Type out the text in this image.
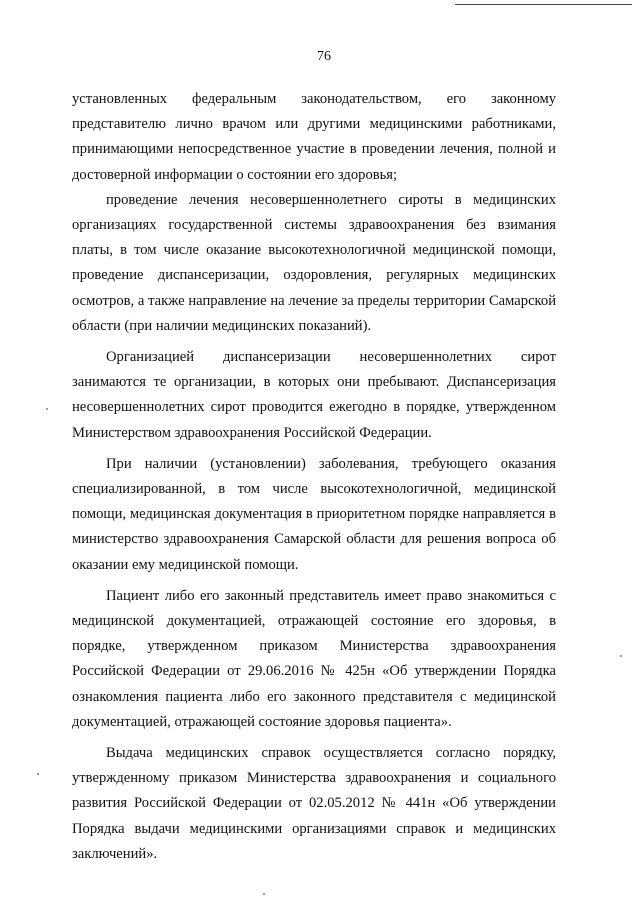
76

установленных федеральным законодательством, его законному представителю лично врачом или другими медицинскими работниками, принимающими непосредственное участие в проведении лечения, полной и достоверной информации о состоянии его здоровья;

проведение лечения несовершеннолетнего сироты в медицинских организациях государственной системы здравоохранения без взимания платы, в том числе оказание высокотехнологичной медицинской помощи, проведение диспансеризации, оздоровления, регулярных медицинских осмотров, а также направление на лечение за пределы территории Самарской области (при наличии медицинских показаний).

Организацией диспансеризации несовершеннолетних сирот занимаются те организации, в которых они пребывают. Диспансеризация несовершеннолетних сирот проводится ежегодно в порядке, утвержденном Министерством здравоохранения Российской Федерации.

При наличии (установлении) заболевания, требующего оказания специализированной, в том числе высокотехнологичной, медицинской помощи, медицинская документация в приоритетном порядке направляется в министерство здравоохранения Самарской области для решения вопроса об оказании ему медицинской помощи.

Пациент либо его законный представитель имеет право знакомиться с медицинской документацией, отражающей состояние его здоровья, в порядке, утвержденном приказом Министерства здравоохранения Российской Федерации от 29.06.2016 № 425н «Об утверждении Порядка ознакомления пациента либо его законного представителя с медицинской документацией, отражающей состояние здоровья пациента».

Выдача медицинских справок осуществляется согласно порядку, утвержденному приказом Министерства здравоохранения и социального развития Российской Федерации от 02.05.2012 № 441н «Об утверждении Порядка выдачи медицинскими организациями справок и медицинских заключений».
